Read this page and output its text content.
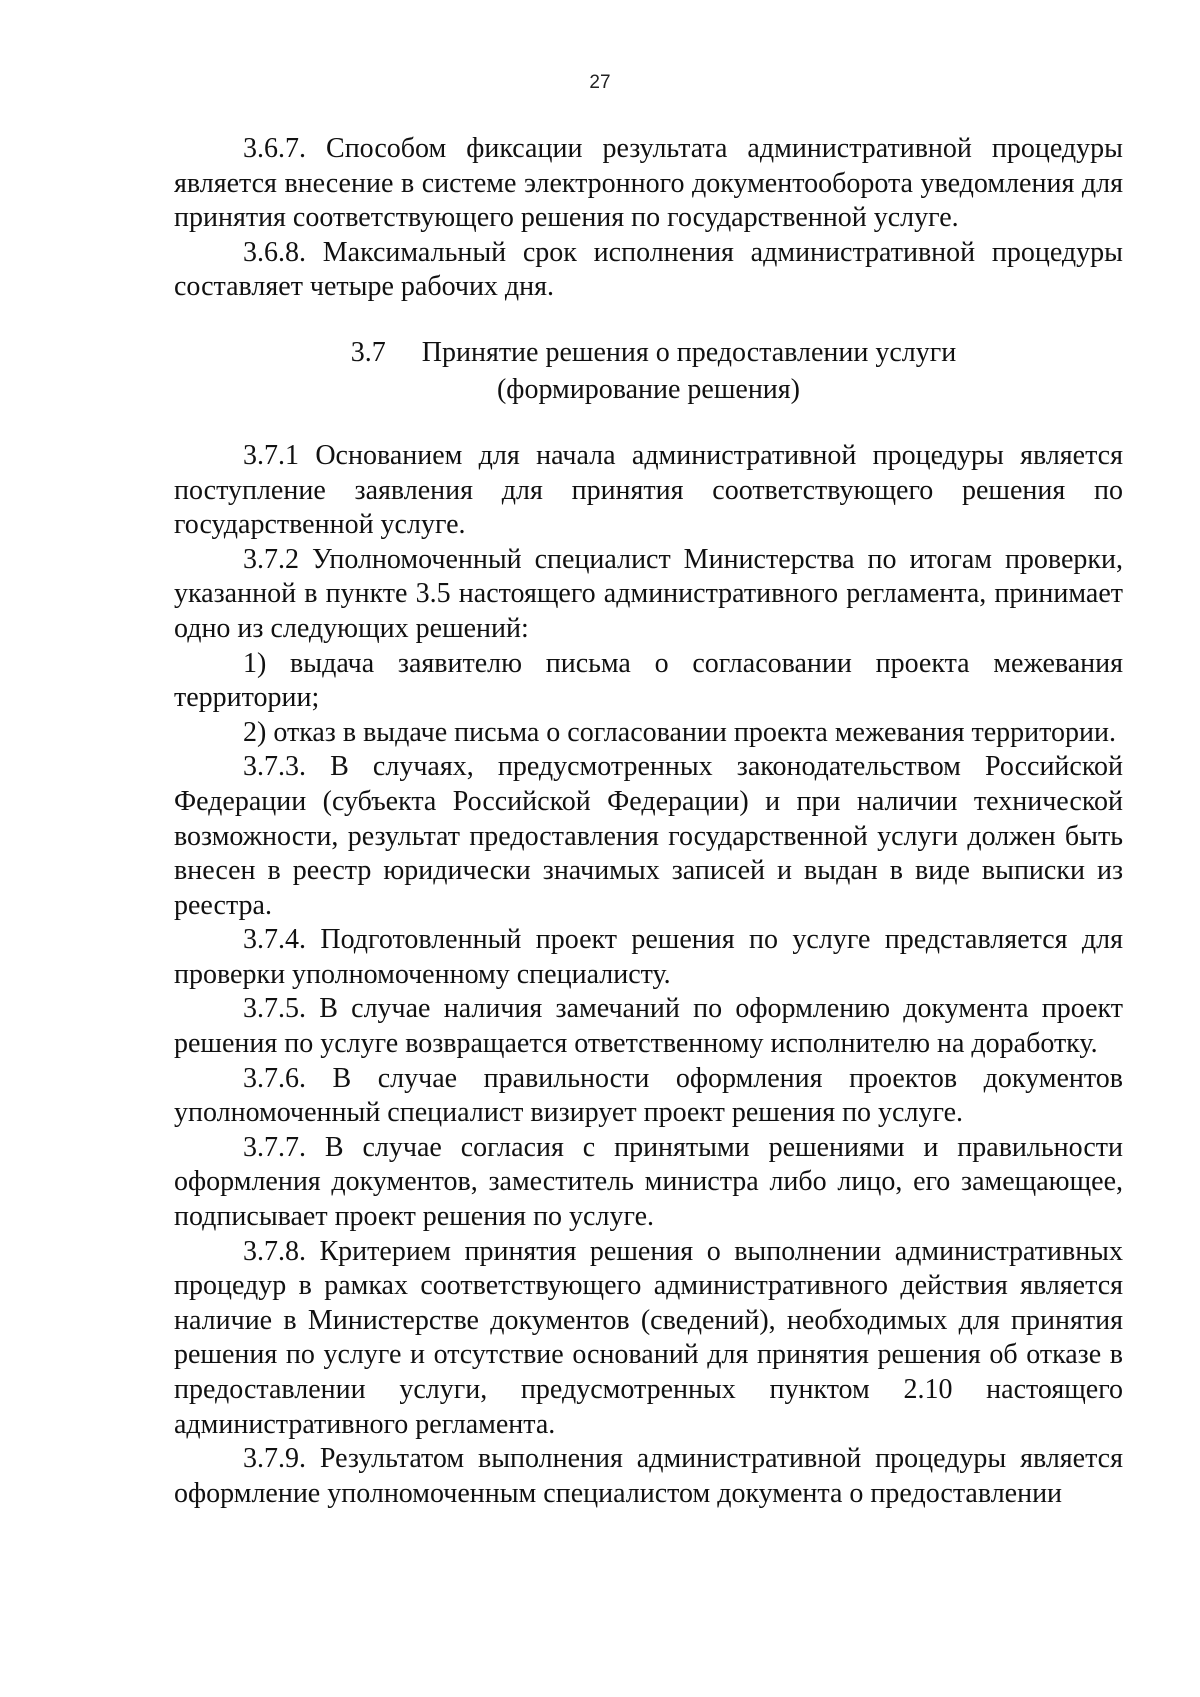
27

3.6.7. Способом фиксации результата административной процедуры является внесение в системе электронного документооборота уведомления для принятия соответствующего решения по государственной услуге.

3.6.8. Максимальный срок исполнения административной процедуры составляет четыре рабочих дня.

3.7 Принятие решения о предоставлении услуги
(формирование решения)

3.7.1 Основанием для начала административной процедуры является поступление заявления для принятия соответствующего решения по государственной услуге.

3.7.2 Уполномоченный специалист Министерства по итогам проверки, указанной в пункте 3.5 настоящего административного регламента, принимает одно из следующих решений:

1) выдача заявителю письма о согласовании проекта межевания территории;

2) отказ в выдаче письма о согласовании проекта межевания территории.

3.7.3. В случаях, предусмотренных законодательством Российской Федерации (субъекта Российской Федерации) и при наличии технической возможности, результат предоставления государственной услуги должен быть внесен в реестр юридически значимых записей и выдан в виде выписки из реестра.

3.7.4. Подготовленный проект решения по услуге представляется для проверки уполномоченному специалисту.

3.7.5. В случае наличия замечаний по оформлению документа проект решения по услуге возвращается ответственному исполнителю на доработку.

3.7.6. В случае правильности оформления проектов документов уполномоченный специалист визирует проект решения по услуге.

3.7.7. В случае согласия с принятыми решениями и правильности оформления документов, заместитель министра либо лицо, его замещающее, подписывает проект решения по услуге.

3.7.8. Критерием принятия решения о выполнении административных процедур в рамках соответствующего административного действия является наличие в Министерстве документов (сведений), необходимых для принятия решения по услуге и отсутствие оснований для принятия решения об отказе в предоставлении услуги, предусмотренных пунктом 2.10 настоящего административного регламента.

3.7.9. Результатом выполнения административной процедуры является оформление уполномоченным специалистом документа о предоставлении
